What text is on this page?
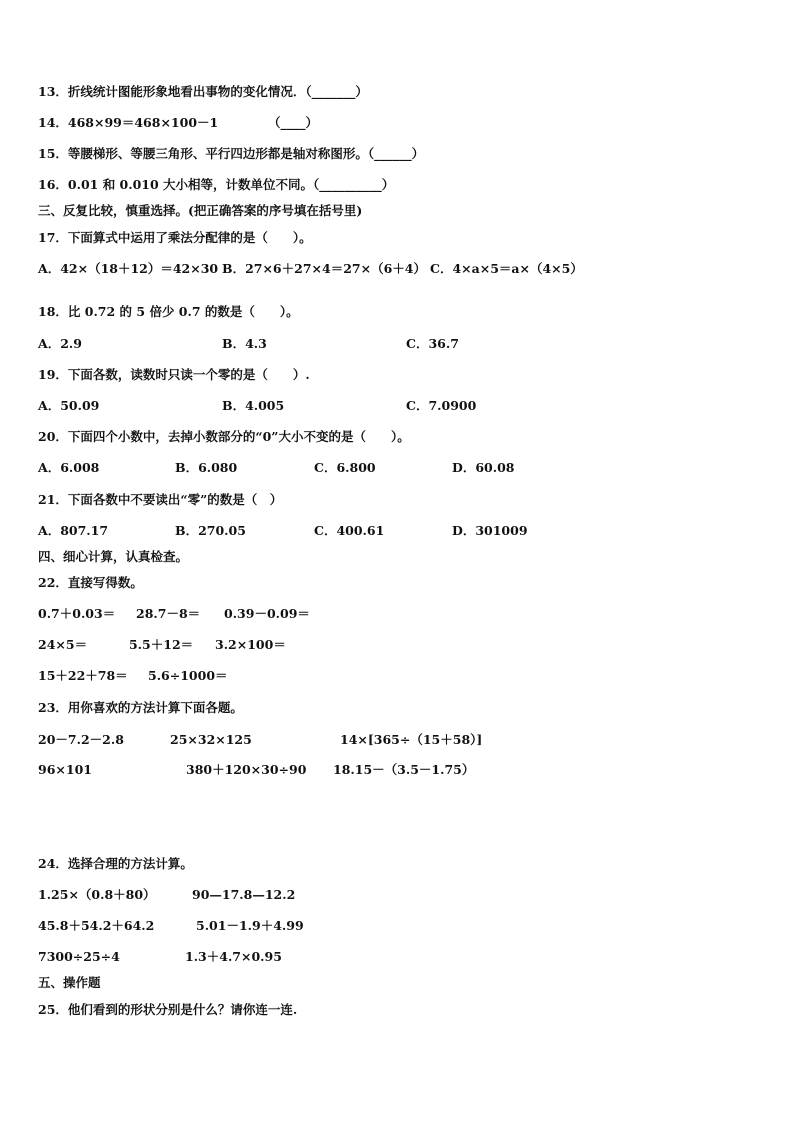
13．折线统计图能形象地看出事物的变化情况．（_______）
14．468×99＝468×100－1	（____）
15．等腰梯形、等腰三角形、平行四边形都是轴对称图形。（______）
16．0.01 和 0.010 大小相等，计数单位不同。（__________）
三、反复比较，慎重选择。(把正确答案的序号填在括号里)
17．下面算式中运用了乘法分配律的是（　　）。
A．42×（18＋12）＝42×30 B．27×6＋27×4＝27×（6＋4） C．4×a×5＝a×（4×5）
18．比 0.72 的 5 倍少 0.7 的数是（　　）。
A．2.9	B．4.3	C．36.7
19．下面各数，读数时只读一个零的是（　　）.
A．50.09	B．4.005	C．7.0900
20．下面四个小数中，去掉小数部分的“0”大小不变的是（　　）。
A．6.008	B．6.080	C．6.800	D．60.08
21．下面各数中不要读出“零”的数是（　）
A．807.17	B．270.05	C．400.61	D．301009
四、细心计算，认真检查。
22．直接写得数。
0.7＋0.03＝ 28.7－8＝ 0.39－0.09＝
24×5＝	5.5＋12＝ 3.2×100＝
15＋22＋78＝ 5.6÷1000＝
23．用你喜欢的方法计算下面各题。
20－7.2－2.8	25×32×125	14×[365÷（15＋58）]
96×101	380＋120×30÷90 18.15－（3.5－1.75）
24．选择合理的方法计算。
1.25×（0.8＋80）	90—17.8—12.2
45.8＋54.2＋64.2	5.01－1.9＋4.99
7300÷25÷4	1.3＋4.7×0.95
五、操作题
25．他们看到的形状分别是什么？请你连一连.
